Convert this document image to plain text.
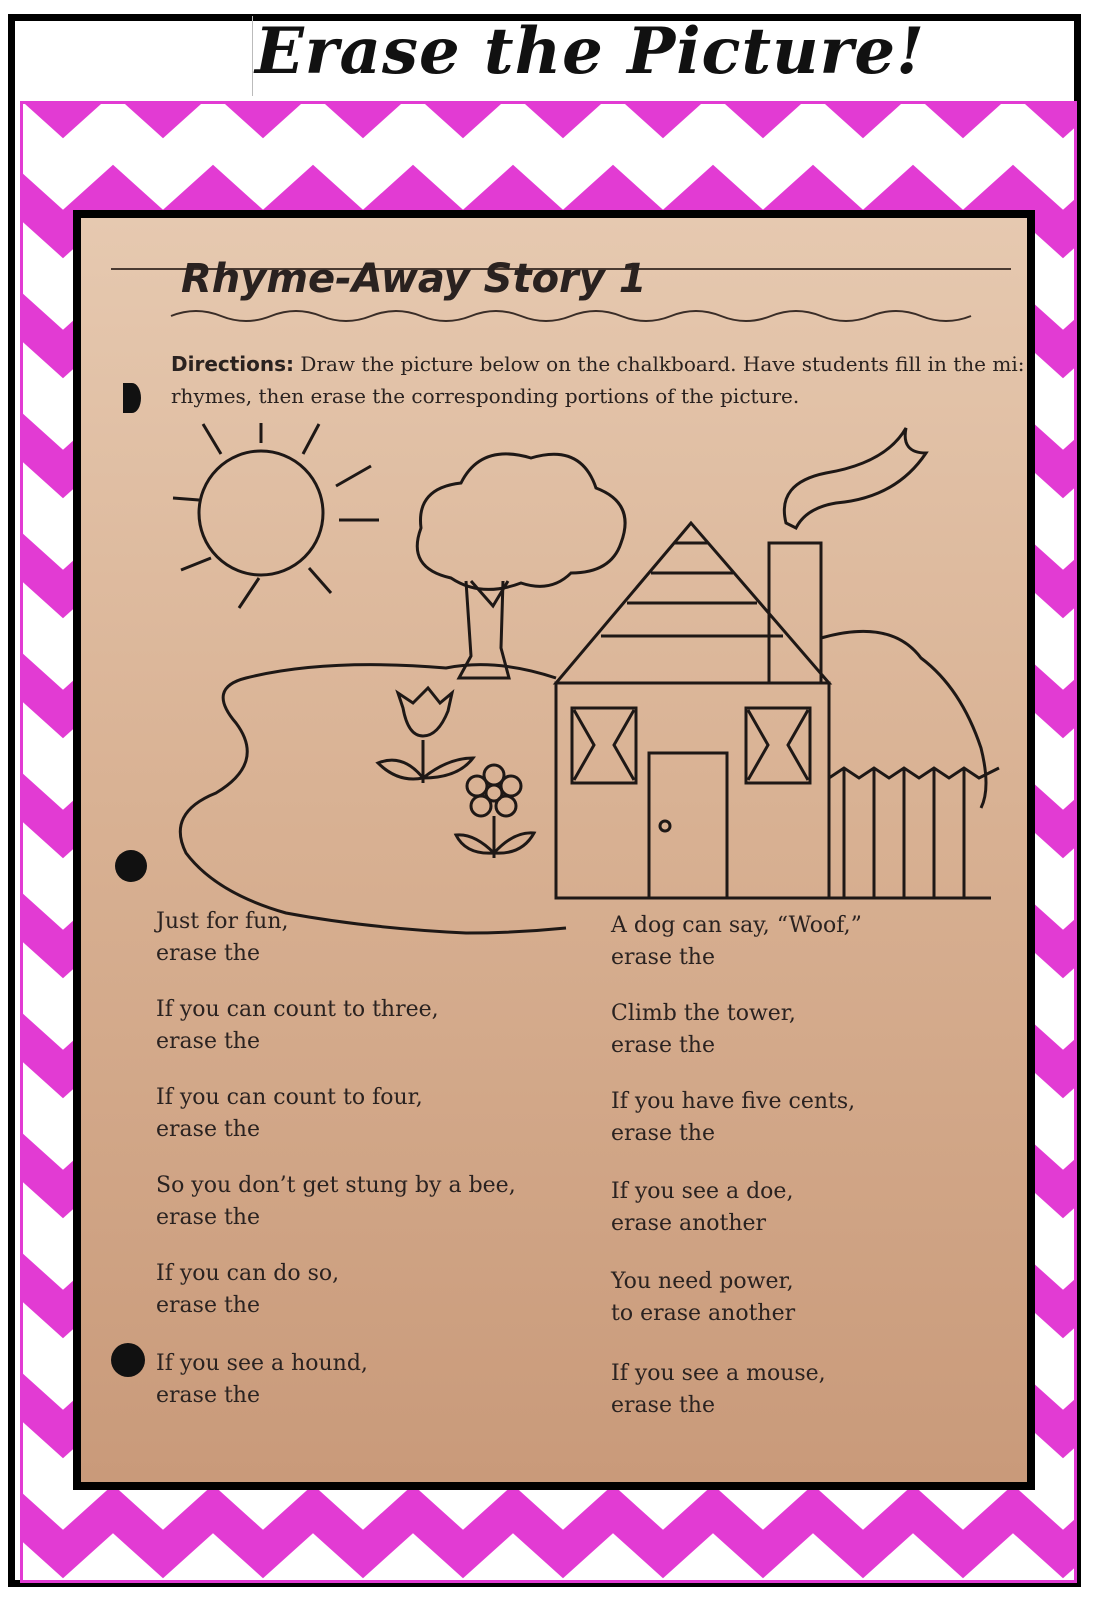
Erase the Picture!
Rhyme-Away Story 1
Directions: Draw the picture below on the chalkboard. Have students fill in the mi:
rhymes, then erase the corresponding portions of the picture.
Just for fun,
erase the
If you can count to three,
erase the
If you can count to four,
erase the
So you don’t get stung by a bee,
erase the
If you can do so,
erase the
If you see a hound,
erase the
A dog can say, “Woof,”
erase the
Climb the tower,
erase the
If you have five cents,
erase the
If you see a doe,
erase another
You need power,
to erase another
If you see a mouse,
erase the
